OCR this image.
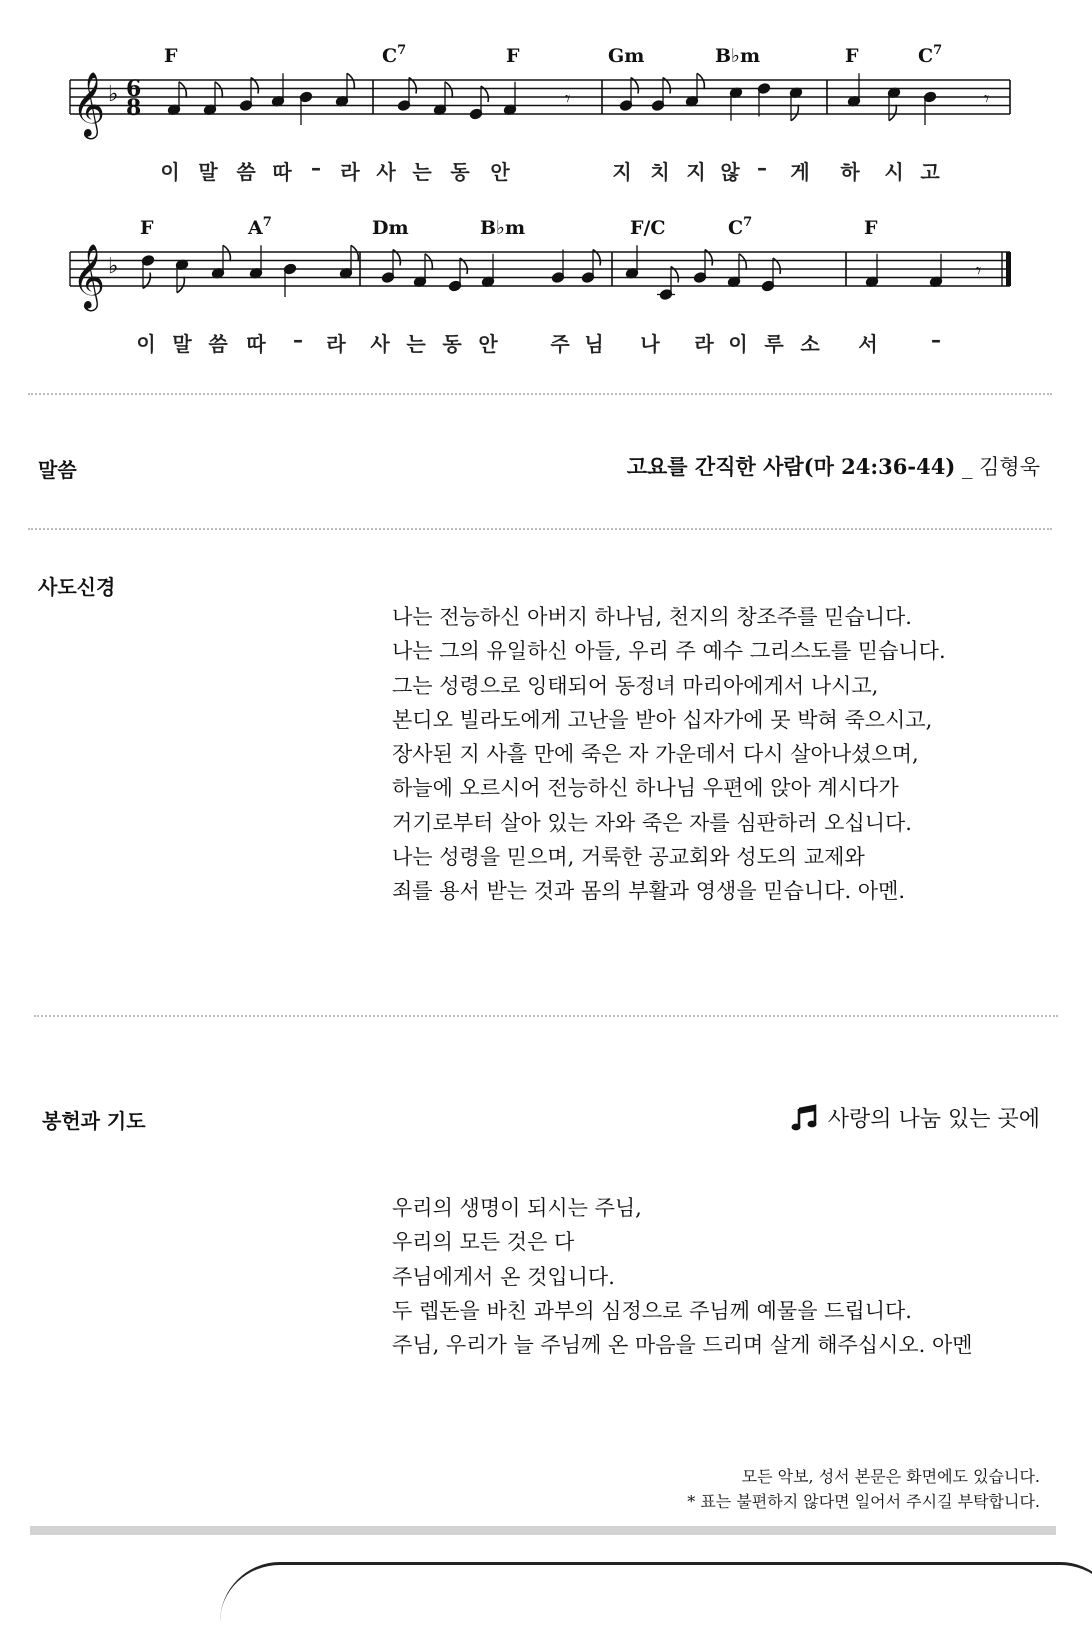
𝄞 ♭ 6
8	𝄾	𝄾
F	$C^7$	F	Gm	B♭m	F	$C^7$
이 말 씀 따 – 라 사 는 동 안	지 치 지 않 – 게 하 시 고
𝄞 ♭	𝄾
F	$A^7$	Dm	B♭m	F/C	$C^7$	F
이 말 씀 따 – 라 사 는 동 안	주 님 나 라 이 루 소 서	–
말씀	고요를 간직한 사람(마 24:36-44) _ 김형욱
사도신경
나는 전능하신 아버지 하나님, 천지의 창조주를 믿습니다.
나는 그의 유일하신 아들, 우리 주 예수 그리스도를 믿습니다.
그는 성령으로 잉태되어 동정녀 마리아에게서 나시고,
본디오 빌라도에게 고난을 받아 십자가에 못 박혀 죽으시고,
장사된 지 사흘 만에 죽은 자 가운데서 다시 살아나셨으며,
하늘에 오르시어 전능하신 하나님 우편에 앉아 계시다가
거기로부터 살아 있는 자와 죽은 자를 심판하러 오십니다.
나는 성령을 믿으며, 거룩한 공교회와 성도의 교제와
죄를 용서 받는 것과 몸의 부활과 영생을 믿습니다. 아멘.
봉헌과 기도	사랑의 나눔 있는 곳에
우리의 생명이 되시는 주님,
우리의 모든 것은 다
주님에게서 온 것입니다.
두 렙돈을 바친 과부의 심정으로 주님께 예물을 드립니다.
주님, 우리가 늘 주님께 온 마음을 드리며 살게 해주십시오. 아멘
모든 악보, 성서 본문은 화면에도 있습니다.
* 표는 불편하지 않다면 일어서 주시길 부탁합니다.
